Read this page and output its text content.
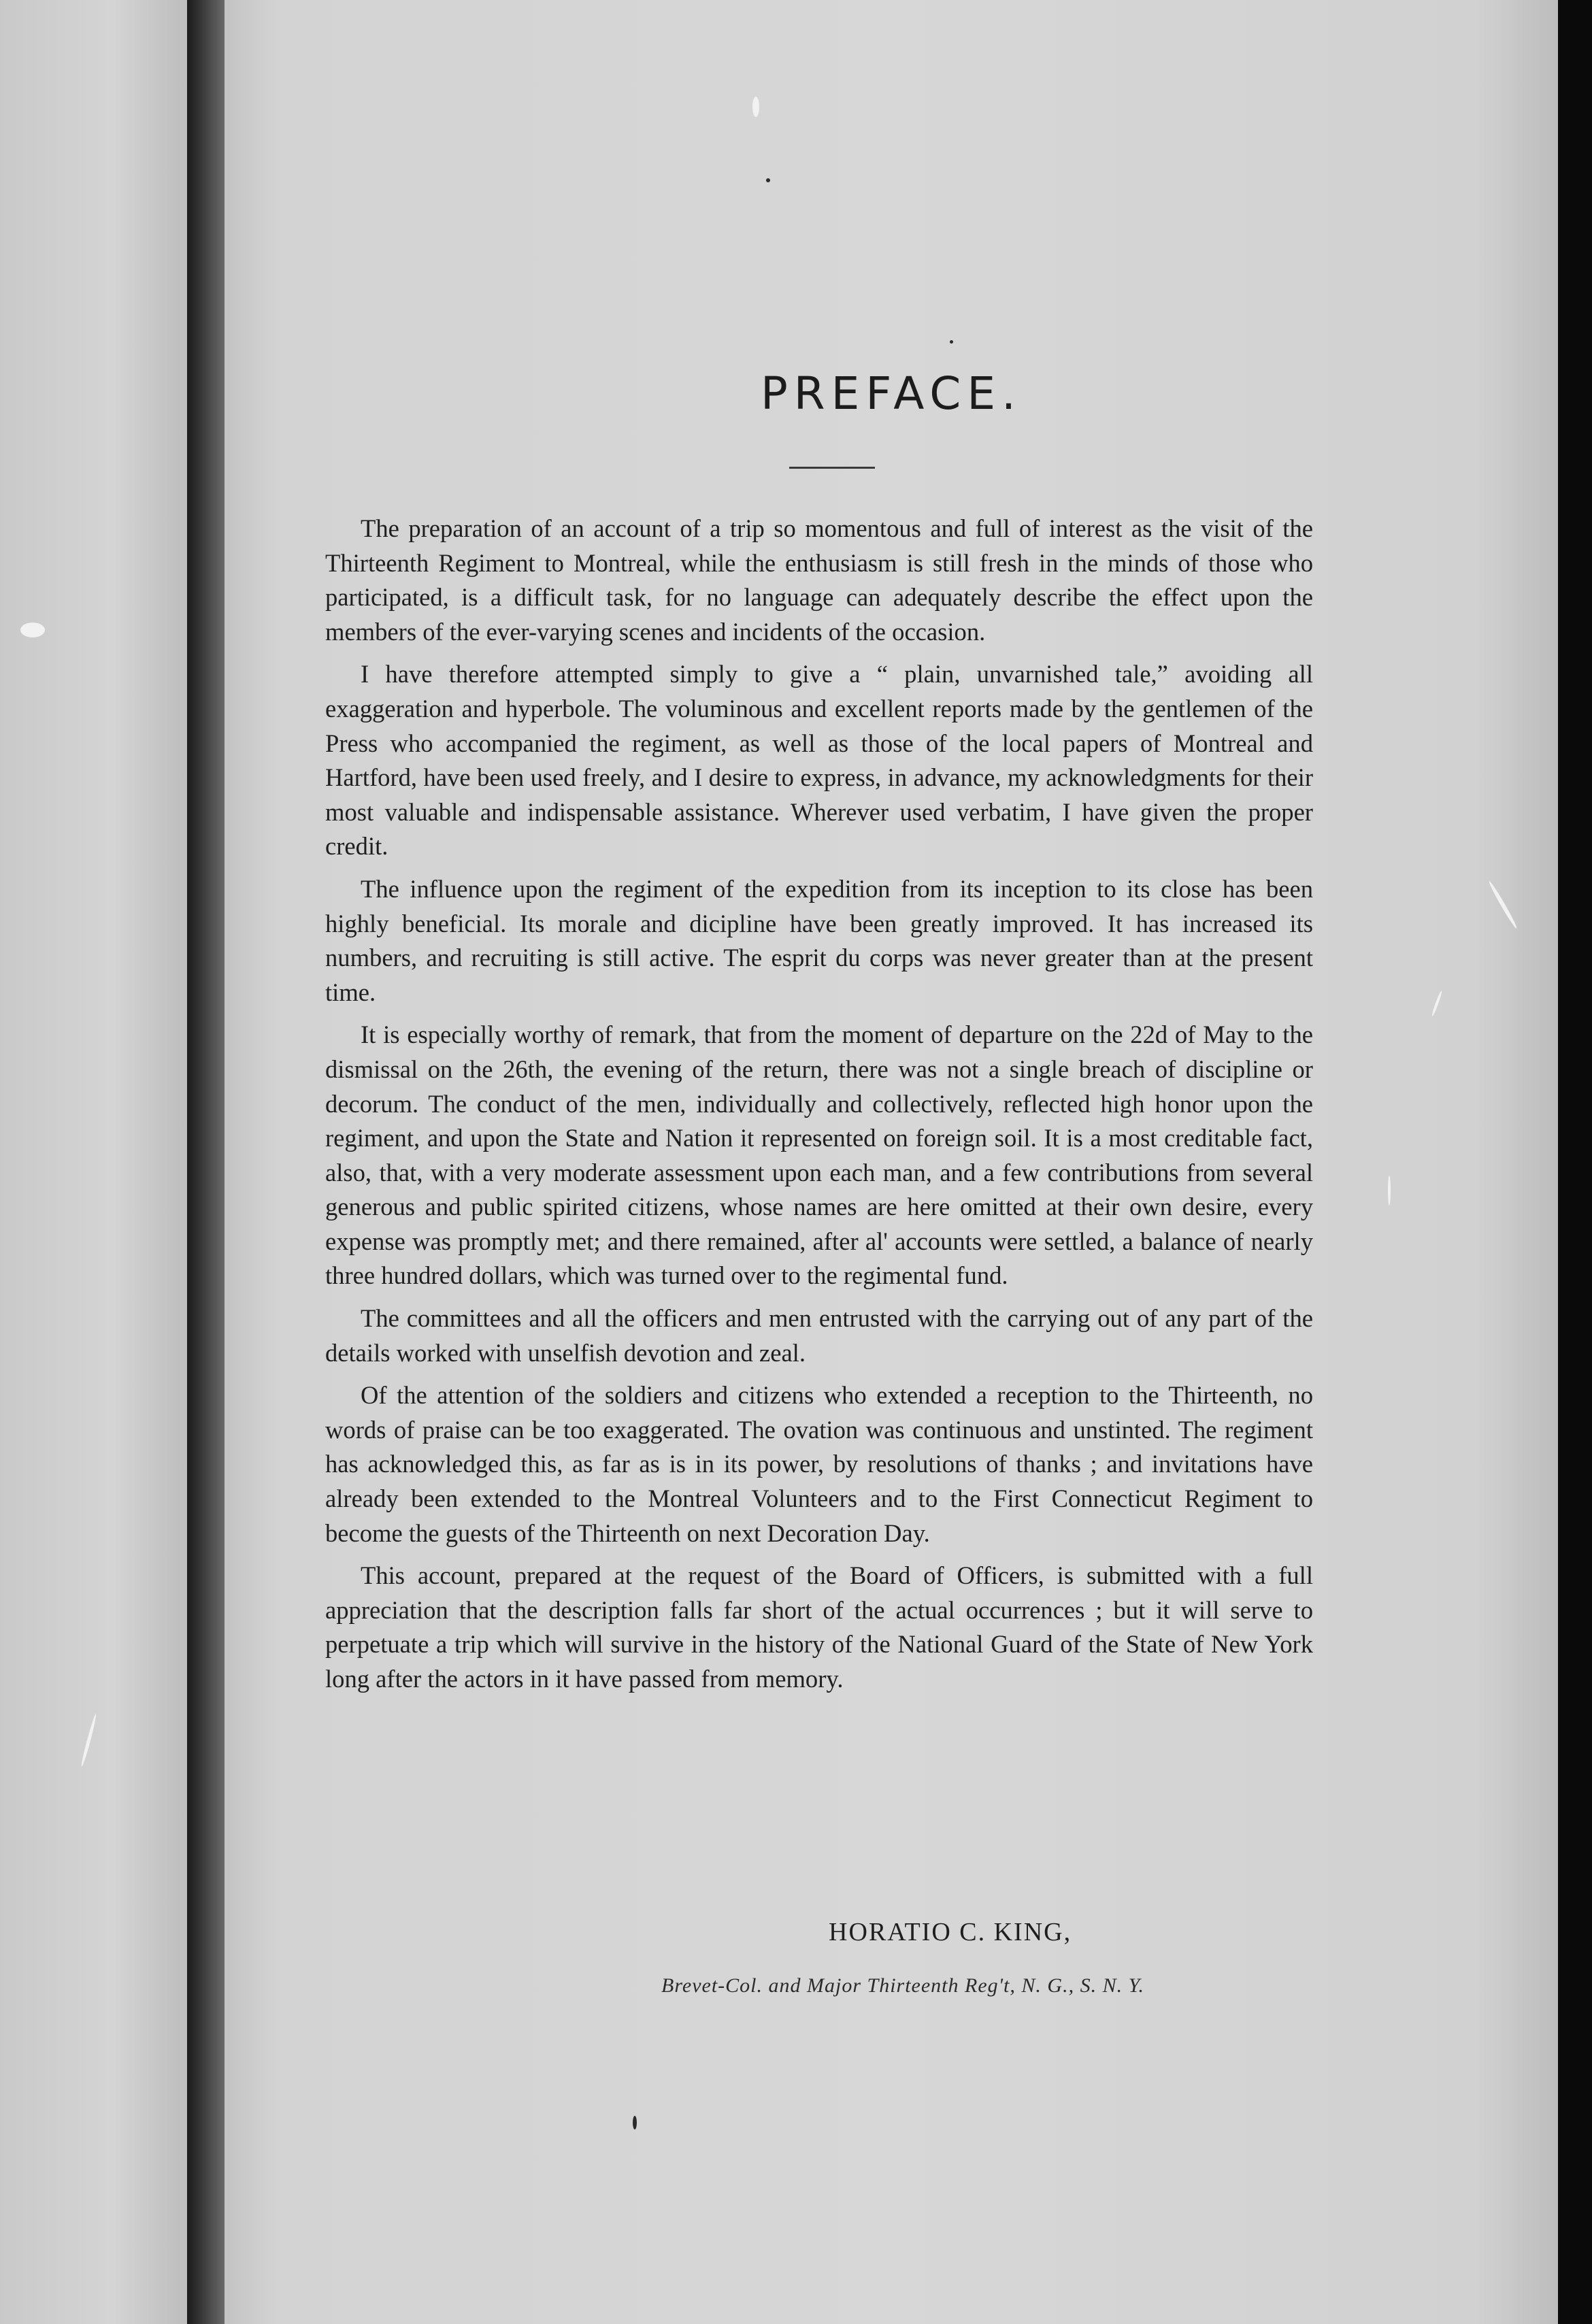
PREFACE.

The preparation of an account of a trip so momentous and full of interest as the visit of the Thirteenth Regiment to Montreal, while the enthusiasm is still fresh in the minds of those who participated, is a difficult task, for no language can adequately describe the effect upon the members of the ever-varying scenes and incidents of the occasion.

I have therefore attempted simply to give a “ plain, unvarnished tale,” avoiding all exaggeration and hyperbole. The voluminous and excellent reports made by the gentlemen of the Press who accompanied the regiment, as well as those of the local papers of Montreal and Hartford, have been used freely, and I desire to express, in advance, my acknowledgments for their most valuable and indispensable assistance. Wherever used verbatim, I have given the proper credit.

The influence upon the regiment of the expedition from its inception to its close has been highly beneficial. Its morale and dicipline have been greatly improved. It has increased its numbers, and recruiting is still active. The esprit du corps was never greater than at the present time.

It is especially worthy of remark, that from the moment of departure on the 22d of May to the dismissal on the 26th, the evening of the return, there was not a single breach of discipline or decorum. The conduct of the men, individually and collectively, reflected high honor upon the regiment, and upon the State and Nation it represented on foreign soil. It is a most creditable fact, also, that, with a very moderate assessment upon each man, and a few contributions from several generous and public spirited citizens, whose names are here omitted at their own desire, every expense was promptly met; and there remained, after al' accounts were settled, a balance of nearly three hundred dollars, which was turned over to the regimental fund.

The committees and all the officers and men entrusted with the carrying out of any part of the details worked with unselfish devotion and zeal.

Of the attention of the soldiers and citizens who extended a reception to the Thirteenth, no words of praise can be too exaggerated. The ovation was continuous and unstinted. The regiment has acknowledged this, as far as is in its power, by resolutions of thanks ; and invitations have already been extended to the Montreal Volunteers and to the First Connecticut Regiment to become the guests of the Thirteenth on next Decoration Day.

This account, prepared at the request of the Board of Officers, is submitted with a full appreciation that the description falls far short of the actual occurrences ; but it will serve to perpetuate a trip which will survive in the history of the National Guard of the State of New York long after the actors in it have passed from memory.

HORATIO C. KING,
Brevet-Col. and Major Thirteenth Reg't, N. G., S. N. Y.
